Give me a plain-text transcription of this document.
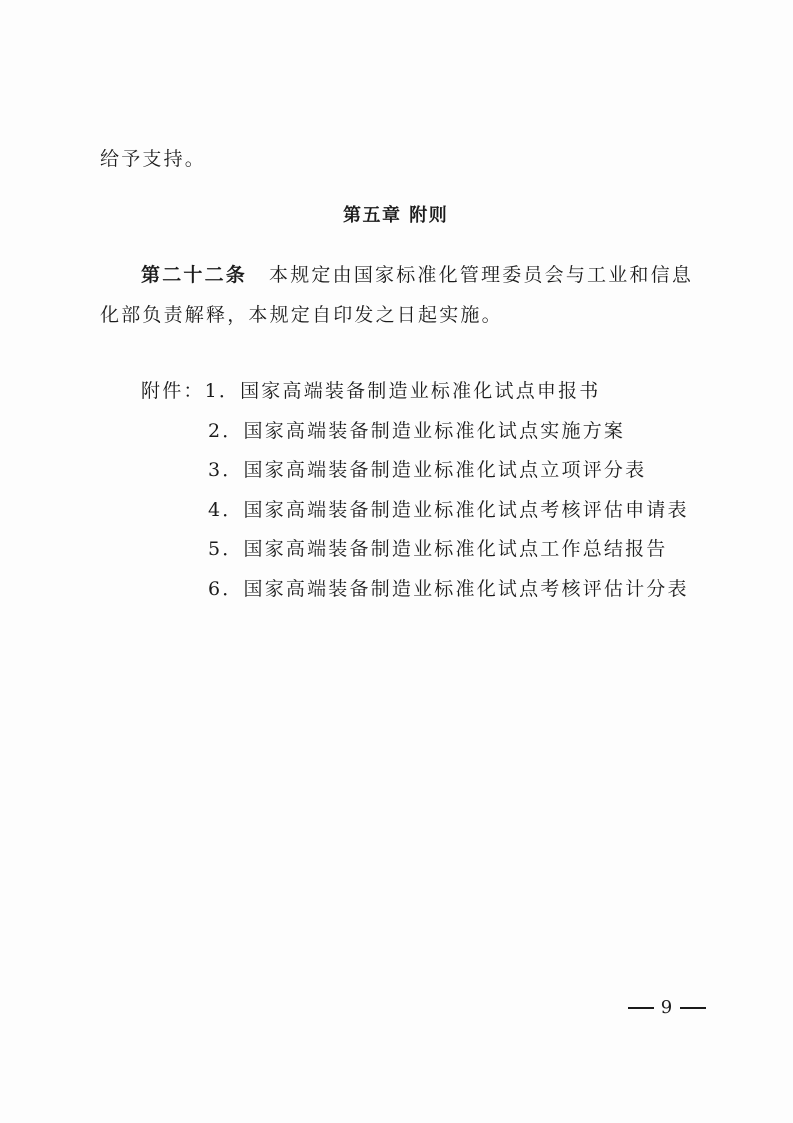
给予支持。
第五章 附则
第二十二条 本规定由国家标准化管理委员会与工业和信息
化部负责解释，本规定自印发之日起实施。
附件：1．国家高端装备制造业标准化试点申报书
2．国家高端装备制造业标准化试点实施方案
3．国家高端装备制造业标准化试点立项评分表
4．国家高端装备制造业标准化试点考核评估申请表
5．国家高端装备制造业标准化试点工作总结报告
6．国家高端装备制造业标准化试点考核评估计分表
9
